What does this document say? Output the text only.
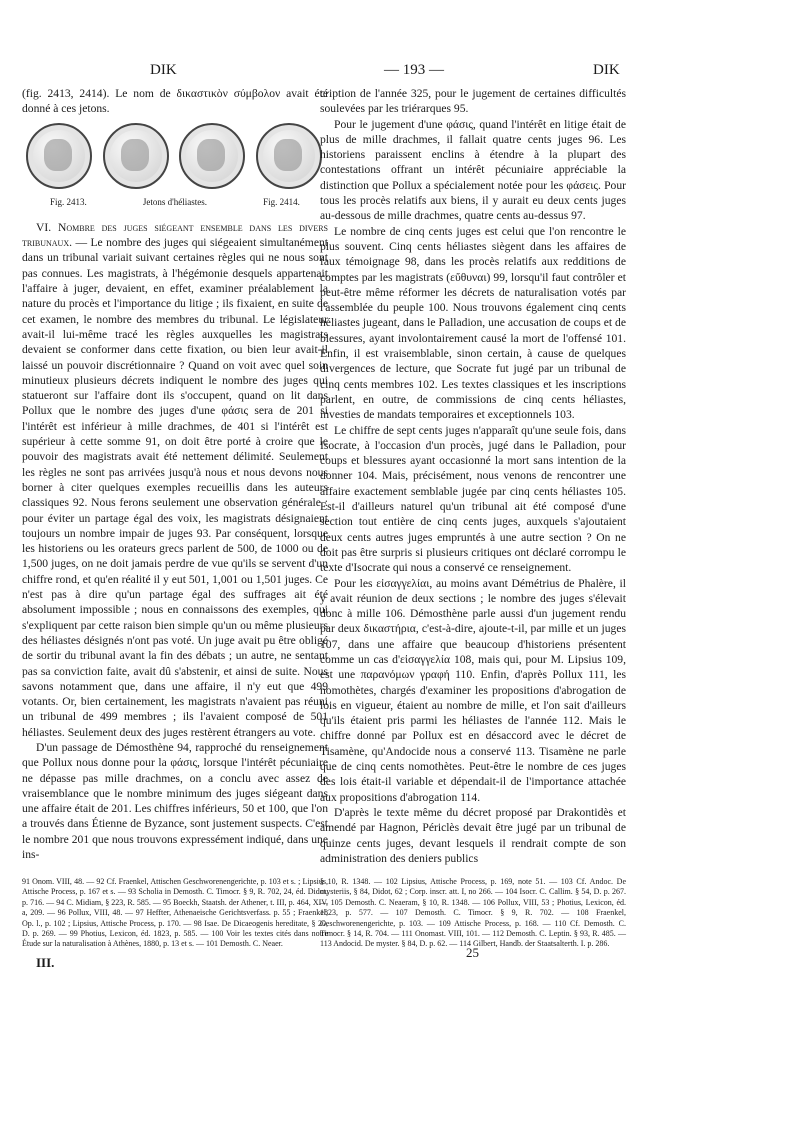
DIK	— 193 —	DIK

(fig. 2413, 2414). Le nom de δικαστικὸν σύμβολον avait été donné à ces jetons.

Fig. 2413.	Jetons d'héliastes.	Fig. 2414.

VI. Nombre des juges siégeant ensemble dans les divers tribunaux. — Le nombre des juges qui siégeaient simultanément dans un tribunal variait suivant certaines règles qui ne nous sont pas connues. Les magistrats, à l'hégémonie desquels appartenait l'affaire à juger, devaient, en effet, examiner préalablement la nature du procès et l'importance du litige ; ils fixaient, en suite de cet examen, le nombre des membres du tribunal. Le législateur avait-il lui-même tracé les règles auxquelles les magistrats devaient se conformer dans cette fixation, ou bien leur avait-il laissé un pouvoir discrétionnaire ? Quand on voit avec quel soin minutieux plusieurs décrets indiquent le nombre des juges qui statueront sur l'affaire dont ils s'occupent, quand on lit dans Pollux que le nombre des juges d'une φάσις sera de 201 si l'intérêt est inférieur à mille drachmes, de 401 si l'intérêt est supérieur à cette somme 91, on doit être porté à croire que le pouvoir des magistrats avait été nettement délimité. Seulement les règles ne sont pas arrivées jusqu'à nous et nous devons nous borner à citer quelques exemples recueillis dans les auteurs classiques 92. Nous ferons seulement une observation générale : pour éviter un partage égal des voix, les magistrats désignaient toujours un nombre impair de juges 93. Par conséquent, lorsque les historiens ou les orateurs grecs parlent de 500, de 1000 ou de 1,500 juges, on ne doit jamais perdre de vue qu'ils se servent d'un chiffre rond, et qu'en réalité il y eut 501, 1,001 ou 1,501 juges. Ce n'est pas à dire qu'un partage égal des suffrages ait été absolument impossible ; nous en connaissons des exemples, qui s'expliquent par cette raison bien simple qu'un ou même plusieurs des héliastes désignés n'ont pas voté. Un juge avait pu être obligé de sortir du tribunal avant la fin des débats ; un autre, ne sentant pas sa conviction faite, avait dû s'abstenir, et ainsi de suite. Nous savons notamment que, dans une affaire, il n'y eut que 499 votants. Or, bien certainement, les magistrats n'avaient pas réuni un tribunal de 499 membres ; ils l'avaient composé de 501 héliastes. Seulement deux des juges restèrent étrangers au vote.

D'un passage de Démosthène 94, rapproché du renseignement que Pollux nous donne pour la φάσις, lorsque l'intérêt pécuniaire ne dépasse pas mille drachmes, on a conclu avec assez de vraisemblance que le nombre minimum des juges siégeant dans une affaire était de 201. Les chiffres inférieurs, 50 et 100, que l'on a trouvés dans Étienne de Byzance, sont justement suspects. C'est le nombre 201 que nous trouvons expressément indiqué, dans une ins-

cription de l'année 325, pour le jugement de certaines difficultés soulevées par les triérarques 95.

Pour le jugement d'une φάσις, quand l'intérêt en litige était de plus de mille drachmes, il fallait quatre cents juges 96. Les historiens paraissent enclins à étendre à la plupart des contestations offrant un intérêt pécuniaire appréciable la distinction que Pollux a spécialement notée pour les φάσεις. Pour tous les procès relatifs aux biens, il y aurait eu deux cents juges au-dessous de mille drachmes, quatre cents au-dessus 97.

Le nombre de cinq cents juges est celui que l'on rencontre le plus souvent. Cinq cents héliastes siègent dans les affaires de faux témoignage 98, dans les procès relatifs aux redditions de comptes par les magistrats (εὔθυναι) 99, lorsqu'il faut contrôler et peut-être même réformer les décrets de naturalisation votés par l'assemblée du peuple 100. Nous trouvons également cinq cents héliastes jugeant, dans le Palladion, une accusation de coups et de blessures, ayant involontairement causé la mort de l'offensé 101. Enfin, il est vraisemblable, sinon certain, à cause de quelques divergences de lecture, que Socrate fut jugé par un tribunal de cinq cents membres 102. Les textes classiques et les inscriptions parlent, en outre, de commissions de cinq cents héliastes, investies de mandats temporaires et exceptionnels 103.

Le chiffre de sept cents juges n'apparaît qu'une seule fois, dans Isocrate, à l'occasion d'un procès, jugé dans le Palladion, pour coups et blessures ayant occasionné la mort sans intention de la donner 104. Mais, précisément, nous venons de rencontrer une affaire exactement semblable jugée par cinq cents héliastes 105. Est-il d'ailleurs naturel qu'un tribunal ait été composé d'une section tout entière de cinq cents juges, auxquels s'ajoutaient deux cents autres juges empruntés à une autre section ? On ne doit pas être surpris si plusieurs critiques ont déclaré corrompu le texte d'Isocrate qui nous a conservé ce renseignement.

Pour les εἰσαγγελίαι, au moins avant Démétrius de Phalère, il y avait réunion de deux sections ; le nombre des juges s'élevait donc à mille 106. Démosthène parle aussi d'un jugement rendu par deux δικαστήρια, c'est-à-dire, ajoute-t-il, par mille et un juges 107, dans une affaire que beaucoup d'historiens présentent comme un cas d'εἰσαγγελία 108, mais qui, pour M. Lipsius 109, est une παρανόμων γραφή 110. Enfin, d'après Pollux 111, les nomothètes, chargés d'examiner les propositions d'abrogation de lois en vigueur, étaient au nombre de mille, et l'on sait d'ailleurs qu'ils étaient pris parmi les héliastes de l'année 112. Mais le chiffre donné par Pollux est en désaccord avec le décret de Tisamène, qu'Andocide nous a conservé 113. Tisamène ne parle que de cinq cents nomothètes. Peut-être le nombre de ces juges des lois était-il variable et dépendait-il de l'importance attachée aux propositions d'abrogation 114.

D'après le texte même du décret proposé par Drakontidès et amendé par Hagnon, Périclès devait être jugé par un tribunal de quinze cents juges, devant lesquels il rendrait compte de son administration des deniers publics

91 Onom. VIII, 48. — 92 Cf. Fraenkel, Attischen Geschworenengerichte, p. 103 et s. ; Lipsius, Attische Process, p. 167 et s. — 93 Scholia in Demosth. C. Timocr. § 9, R. 702, 24, éd. Didot, p. 716. — 94 C. Midiam, § 223, R. 585. — 95 Boeckh, Staatsh. der Athener, t. III, p. 464, XIV, a, 209. — 96 Pollux, VIII, 48. — 97 Heffter, Athenaeische Gerichtsverfass. p. 55 ; Fraenkel, Op. l., p. 102 ; Lipsius, Attische Process, p. 170. — 98 Isae. De Dicaeogenis hereditate, § 20, D. p. 269. — 99 Photius, Lexicon, éd. 1823, p. 585. — 100 Voir les textes cités dans notre Étude sur la naturalisation à Athènes, 1880, p. 13 et s. — 101 Demosth. C. Neaer.
§ 10, R. 1348. — 102 Lipsius, Attische Process, p. 169, note 51. — 103 Cf. Andoc. De mysteriis, § 84, Didot, 62 ; Corp. inscr. att. I, no 266. — 104 Isocr. C. Callim. § 54, D. p. 267. — 105 Demosth. C. Neaeram, § 10, R. 1348. — 106 Pollux, VIII, 53 ; Photius, Lexicon, éd. 1823, p. 577. — 107 Demosth. C. Timocr. § 9, R. 702. — 108 Fraenkel, Geschworenengerichte, p. 103. — 109 Attische Process, p. 168. — 110 Cf. Demosth. C. Timocr. § 14, R. 704. — 111 Onomast. VIII, 101. — 112 Demosth. C. Leptin. § 93, R. 485. — 113 Andocid. De myster. § 84, D. p. 62. — 114 Gilbert, Handb. der Staatsalterth. I. p. 286.
III.
25
